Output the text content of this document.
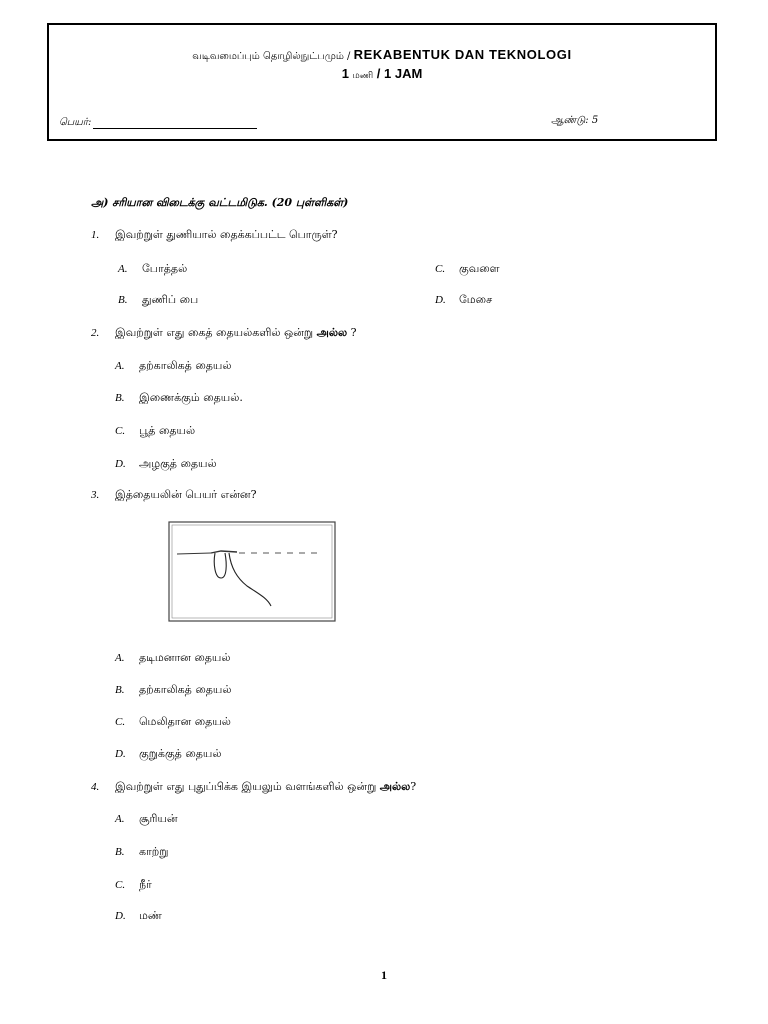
வடிவமைப்பும் தொழில்நுட்பமும் / REKABENTUK DAN TEKNOLOGI
1 மணி / 1 JAM
பெயர்:	ஆண்டு: 5
அ) சரியான விடைக்கு வட்டமிடுக. (20 புள்ளிகள்)
1. இவற்றுள் துணியால் தைக்கப்பட்ட பொருள்?
A. போத்தல்	C. குவளை
B. துணிப் பை	D. மேசை
2. இவற்றுள் எது கைத் தையல்களில் ஒன்று அல்ல ?
A. தற்காலிகத் தையல்
B. இணைக்கும் தையல்.
C. பூத் தையல்
D. அழகுத் தையல்
3. இத்தையலின் பெயர் என்ன?
A. தடிமனான தையல்
B. தற்காலிகத் தையல்
C. மெலிதான தையல்
D. குறுக்குத் தையல்
4. இவற்றுள் எது புதுப்பிக்க இயலும் வளங்களில் ஒன்று அல்ல?
A. சூரியன்
B. காற்று
C. நீர்
D. மண்
1
